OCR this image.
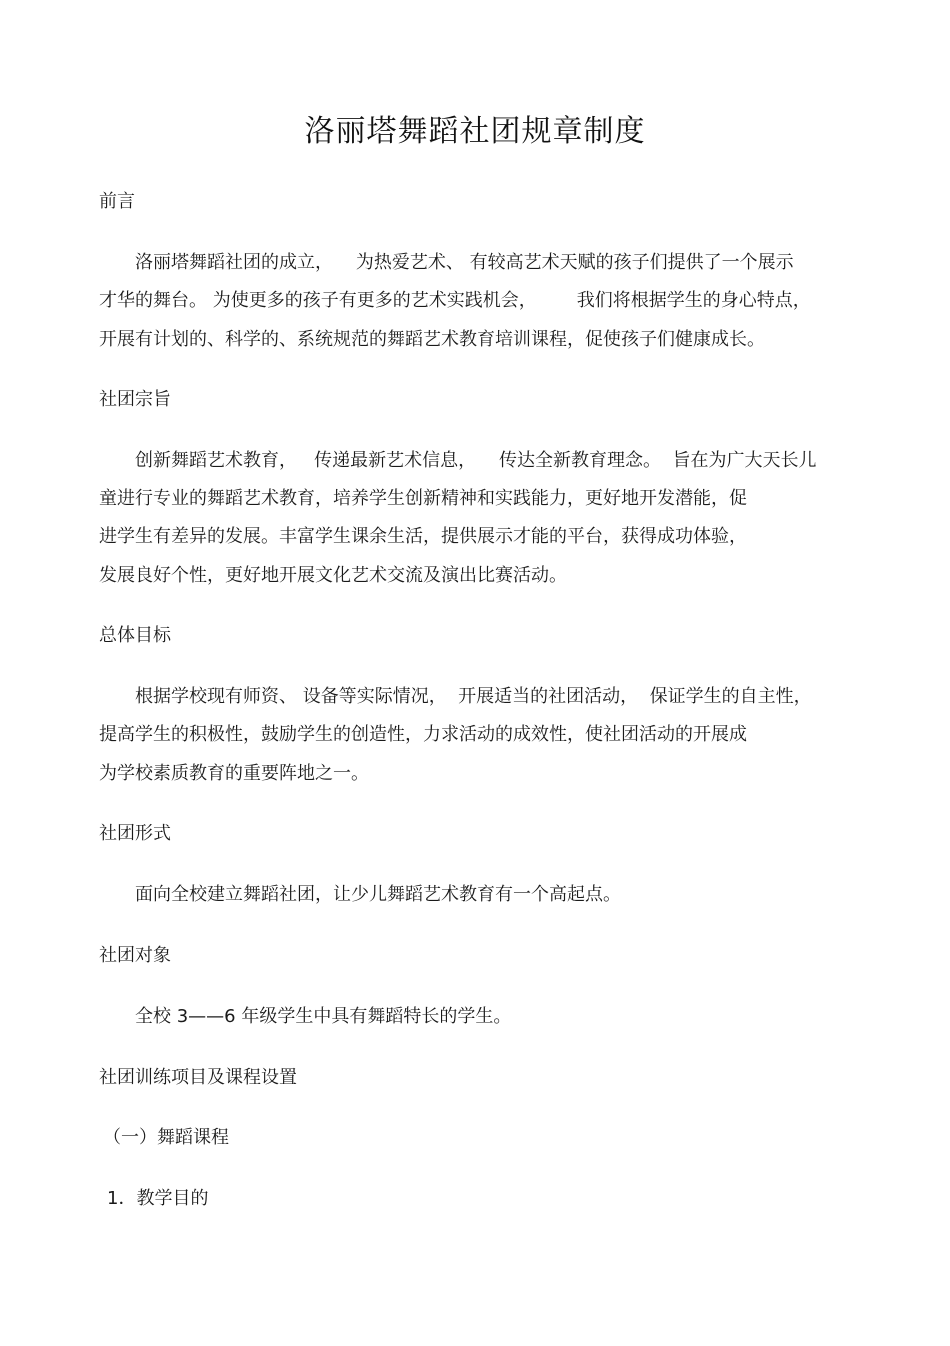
洛丽塔舞蹈社团规章制度
前言
洛丽塔舞蹈社团的成立，    为热爱艺术、 有较高艺术天赋的孩子们提供了一个展示
才华的舞台。 为使更多的孩子有更多的艺术实践机会，       我们将根据学生的身心特点，
开展有计划的、科学的、系统规范的舞蹈艺术教育培训课程，促使孩子们健康成长。
社团宗旨
创新舞蹈艺术教育，   传递最新艺术信息，    传达全新教育理念。  旨在为广大天长儿
童进行专业的舞蹈艺术教育，培养学生创新精神和实践能力，更好地开发潜能，促
进学生有差异的发展。丰富学生课余生活，提供展示才能的平台，获得成功体验，
发展良好个性，更好地开展文化艺术交流及演出比赛活动。
总体目标
根据学校现有师资、 设备等实际情况，  开展适当的社团活动，  保证学生的自主性，
提高学生的积极性，鼓励学生的创造性，力求活动的成效性，使社团活动的开展成
为学校素质教育的重要阵地之一。
社团形式
面向全校建立舞蹈社团，让少儿舞蹈艺术教育有一个高起点。
社团对象
全校 3——6 年级学生中具有舞蹈特长的学生。
社团训练项目及课程设置
（一）舞蹈课程
1．教学目的
